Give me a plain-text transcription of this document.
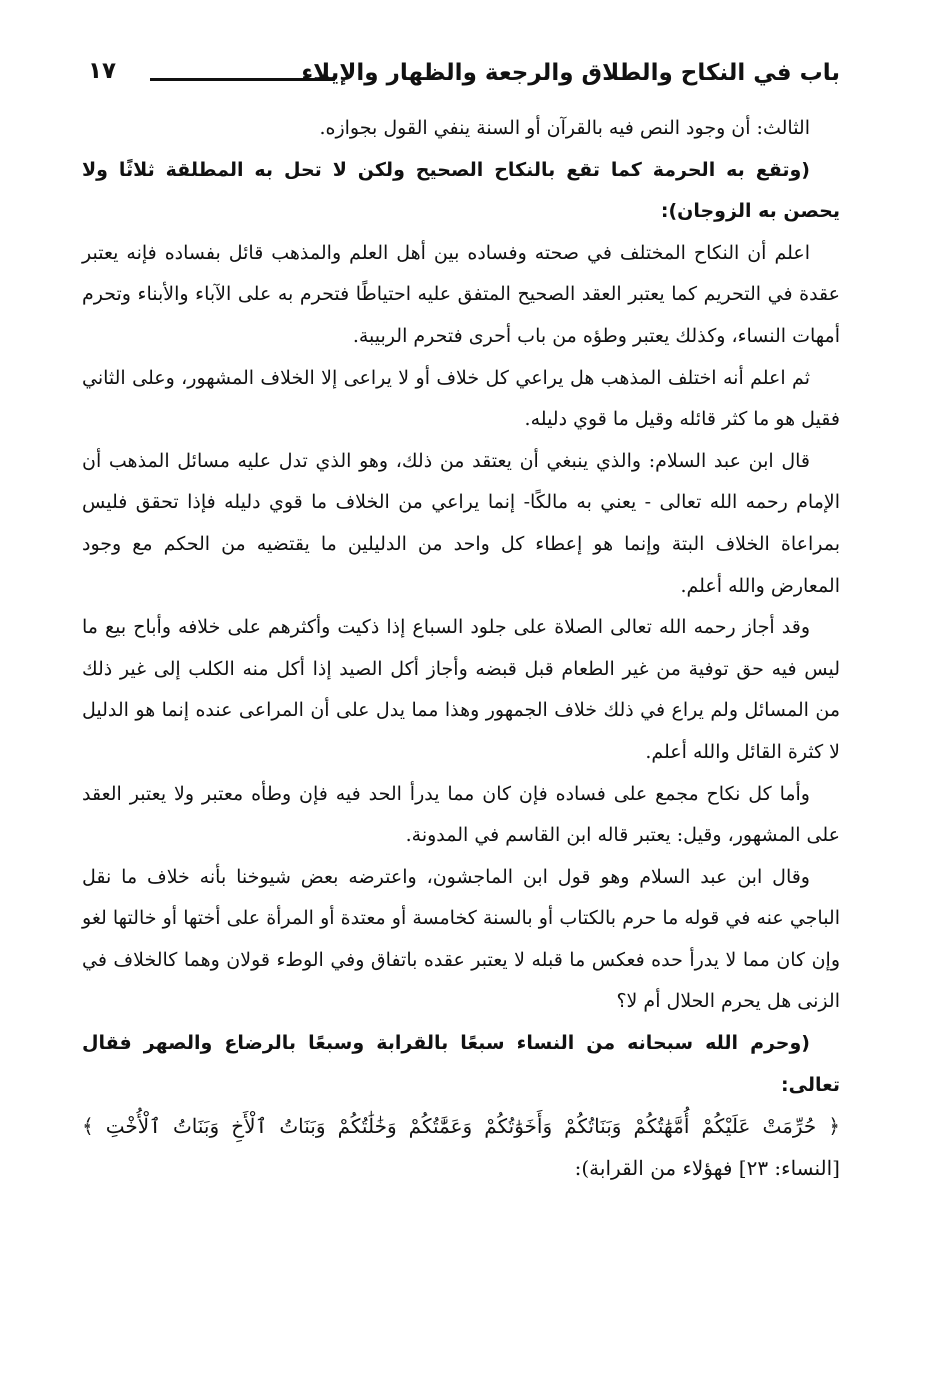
باب في النكاح والطلاق والرجعة والظهار والإيلاء
١٧

الثالث: أن وجود النص فيه بالقرآن أو السنة ينفي القول بجوازه.

(وتقع به الحرمة كما تقع بالنكاح الصحيح ولكن لا تحل به المطلقة ثلاثًا ولا يحصن به الزوجان):

اعلم أن النكاح المختلف في صحته وفساده بين أهل العلم والمذهب قائل بفساده فإنه يعتبر عقدة في التحريم كما يعتبر العقد الصحيح المتفق عليه احتياطًا فتحرم به على الآباء والأبناء وتحرم أمهات النساء، وكذلك يعتبر وطؤه من باب أحرى فتحرم الربيبة.

ثم اعلم أنه اختلف المذهب هل يراعي كل خلاف أو لا يراعى إلا الخلاف المشهور، وعلى الثاني فقيل هو ما كثر قائله وقيل ما قوي دليله.

قال ابن عبد السلام: والذي ينبغي أن يعتقد من ذلك، وهو الذي تدل عليه مسائل المذهب أن الإمام رحمه الله تعالى - يعني به مالكًا- إنما يراعي من الخلاف ما قوي دليله فإذا تحقق فليس بمراعاة الخلاف البتة وإنما هو إعطاء كل واحد من الدليلين ما يقتضيه من الحكم مع وجود المعارض والله أعلم.

وقد أجاز رحمه الله تعالى الصلاة على جلود السباع إذا ذكيت وأكثرهم على خلافه وأباح بيع ما ليس فيه حق توفية من غير الطعام قبل قبضه وأجاز أكل الصيد إذا أكل منه الكلب إلى غير ذلك من المسائل ولم يراع في ذلك خلاف الجمهور وهذا مما يدل على أن المراعى عنده إنما هو الدليل لا كثرة القائل والله أعلم.

وأما كل نكاح مجمع على فساده فإن كان مما يدرأ الحد فيه فإن وطأه معتبر ولا يعتبر العقد على المشهور، وقيل: يعتبر قاله ابن القاسم في المدونة.

وقال ابن عبد السلام وهو قول ابن الماجشون، واعترضه بعض شيوخنا بأنه خلاف ما نقل الباجي عنه في قوله ما حرم بالكتاب أو بالسنة كخامسة أو معتدة أو المرأة على أختها أو خالتها لغو وإن كان مما لا يدرأ حده فعكس ما قبله لا يعتبر عقده باتفاق وفي الوطء قولان وهما كالخلاف في الزنى هل يحرم الحلال أم لا؟

(وحرم الله سبحانه من النساء سبعًا بالقرابة وسبعًا بالرضاع والصهر فقال تعالى:

﴿ حُرِّمَتْ عَلَيْكُمْ أُمَّهَٰتُكُمْ وَبَنَاتُكُمْ وَأَخَوَٰتُكُمْ وَعَمَّٰتُكُمْ وَخَٰلَٰتُكُمْ وَبَنَاتُ ٱلْأَخِ وَبَنَاتُ ٱلْأُخْتِ ﴾ [النساء: ٢٣] فهؤلاء من القرابة):
